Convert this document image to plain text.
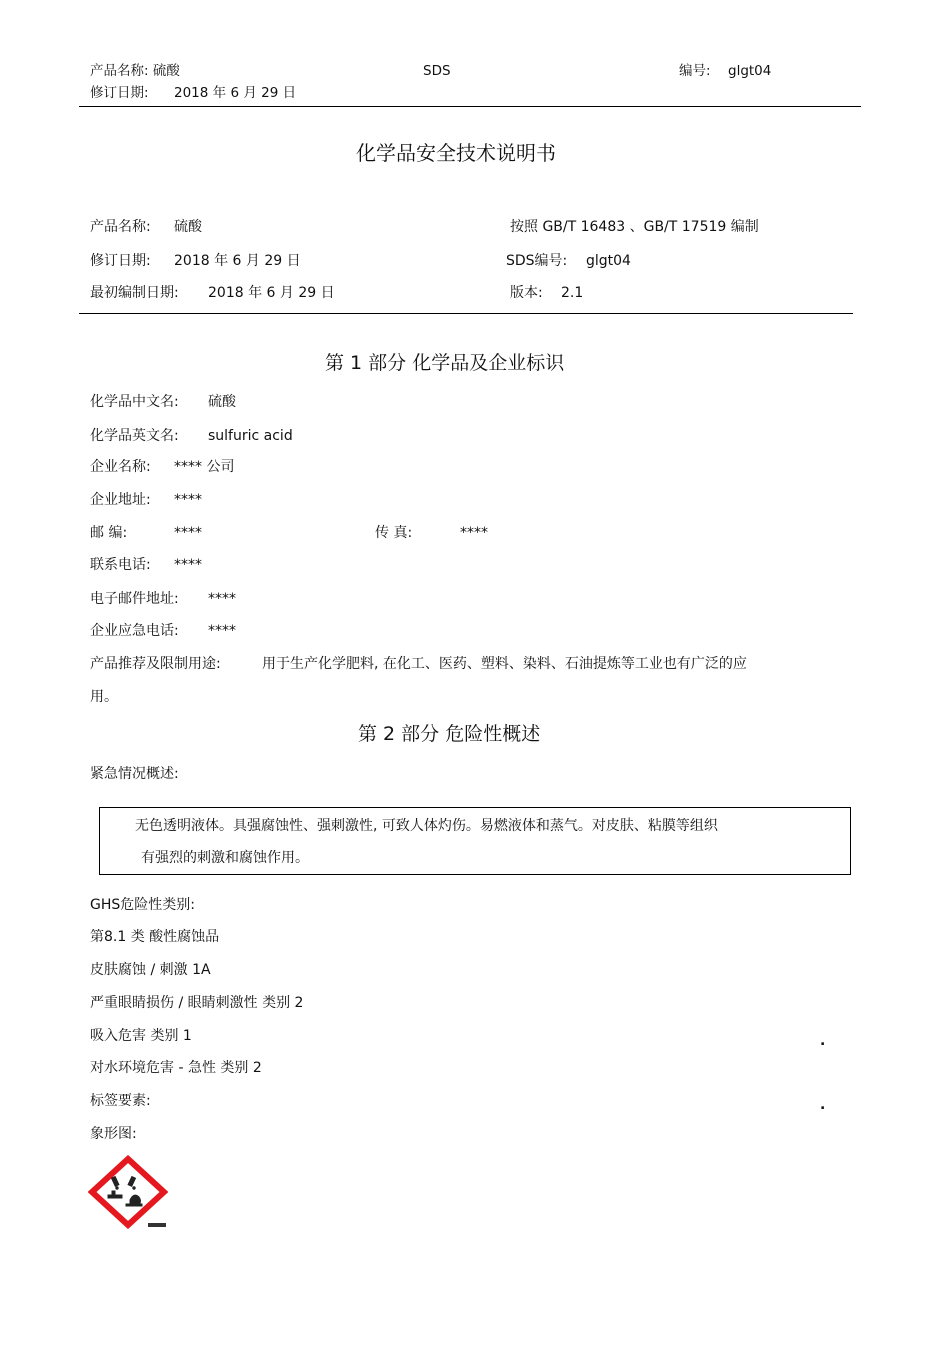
产品名称: 硫酸	SDS	编号: glgt04
修订日期: 2018 年 6 月 29 日
化学品安全技术说明书
产品名称: 硫酸	按照 GB/T 16483 、GB/T 17519 编制
修订日期: 2018 年 6 月 29 日	SDS编号: glgt04
最初编制日期: 2018 年 6 月 29 日	版本: 2.1
第 1 部分 化学品及企业标识
化学品中文名: 硫酸
化学品英文名: sulfuric acid
企业名称: **** 公司
企业地址: ****
邮 编:	****	传 真:	****
联系电话: ****
电子邮件地址: ****
企业应急电话: ****
产品推荐及限制用途:	用于生产化学肥料, 在化工、医药、塑料、染料、石油提炼等工业也有广泛的应
用。
第 2 部分 危险性概述
紧急情况概述:
无色透明液体。具强腐蚀性、强刺激性, 可致人体灼伤。易燃液体和蒸气。对皮肤、粘膜等组织
有强烈的刺激和腐蚀作用。
GHS危险性类别:
第8.1 类 酸性腐蚀品
皮肤腐蚀 / 刺激 1A
严重眼睛损伤 / 眼睛刺激性 类别 2
吸入危害 类别 1	.
对水环境危害 - 急性 类别 2
标签要素:	.
象形图:
